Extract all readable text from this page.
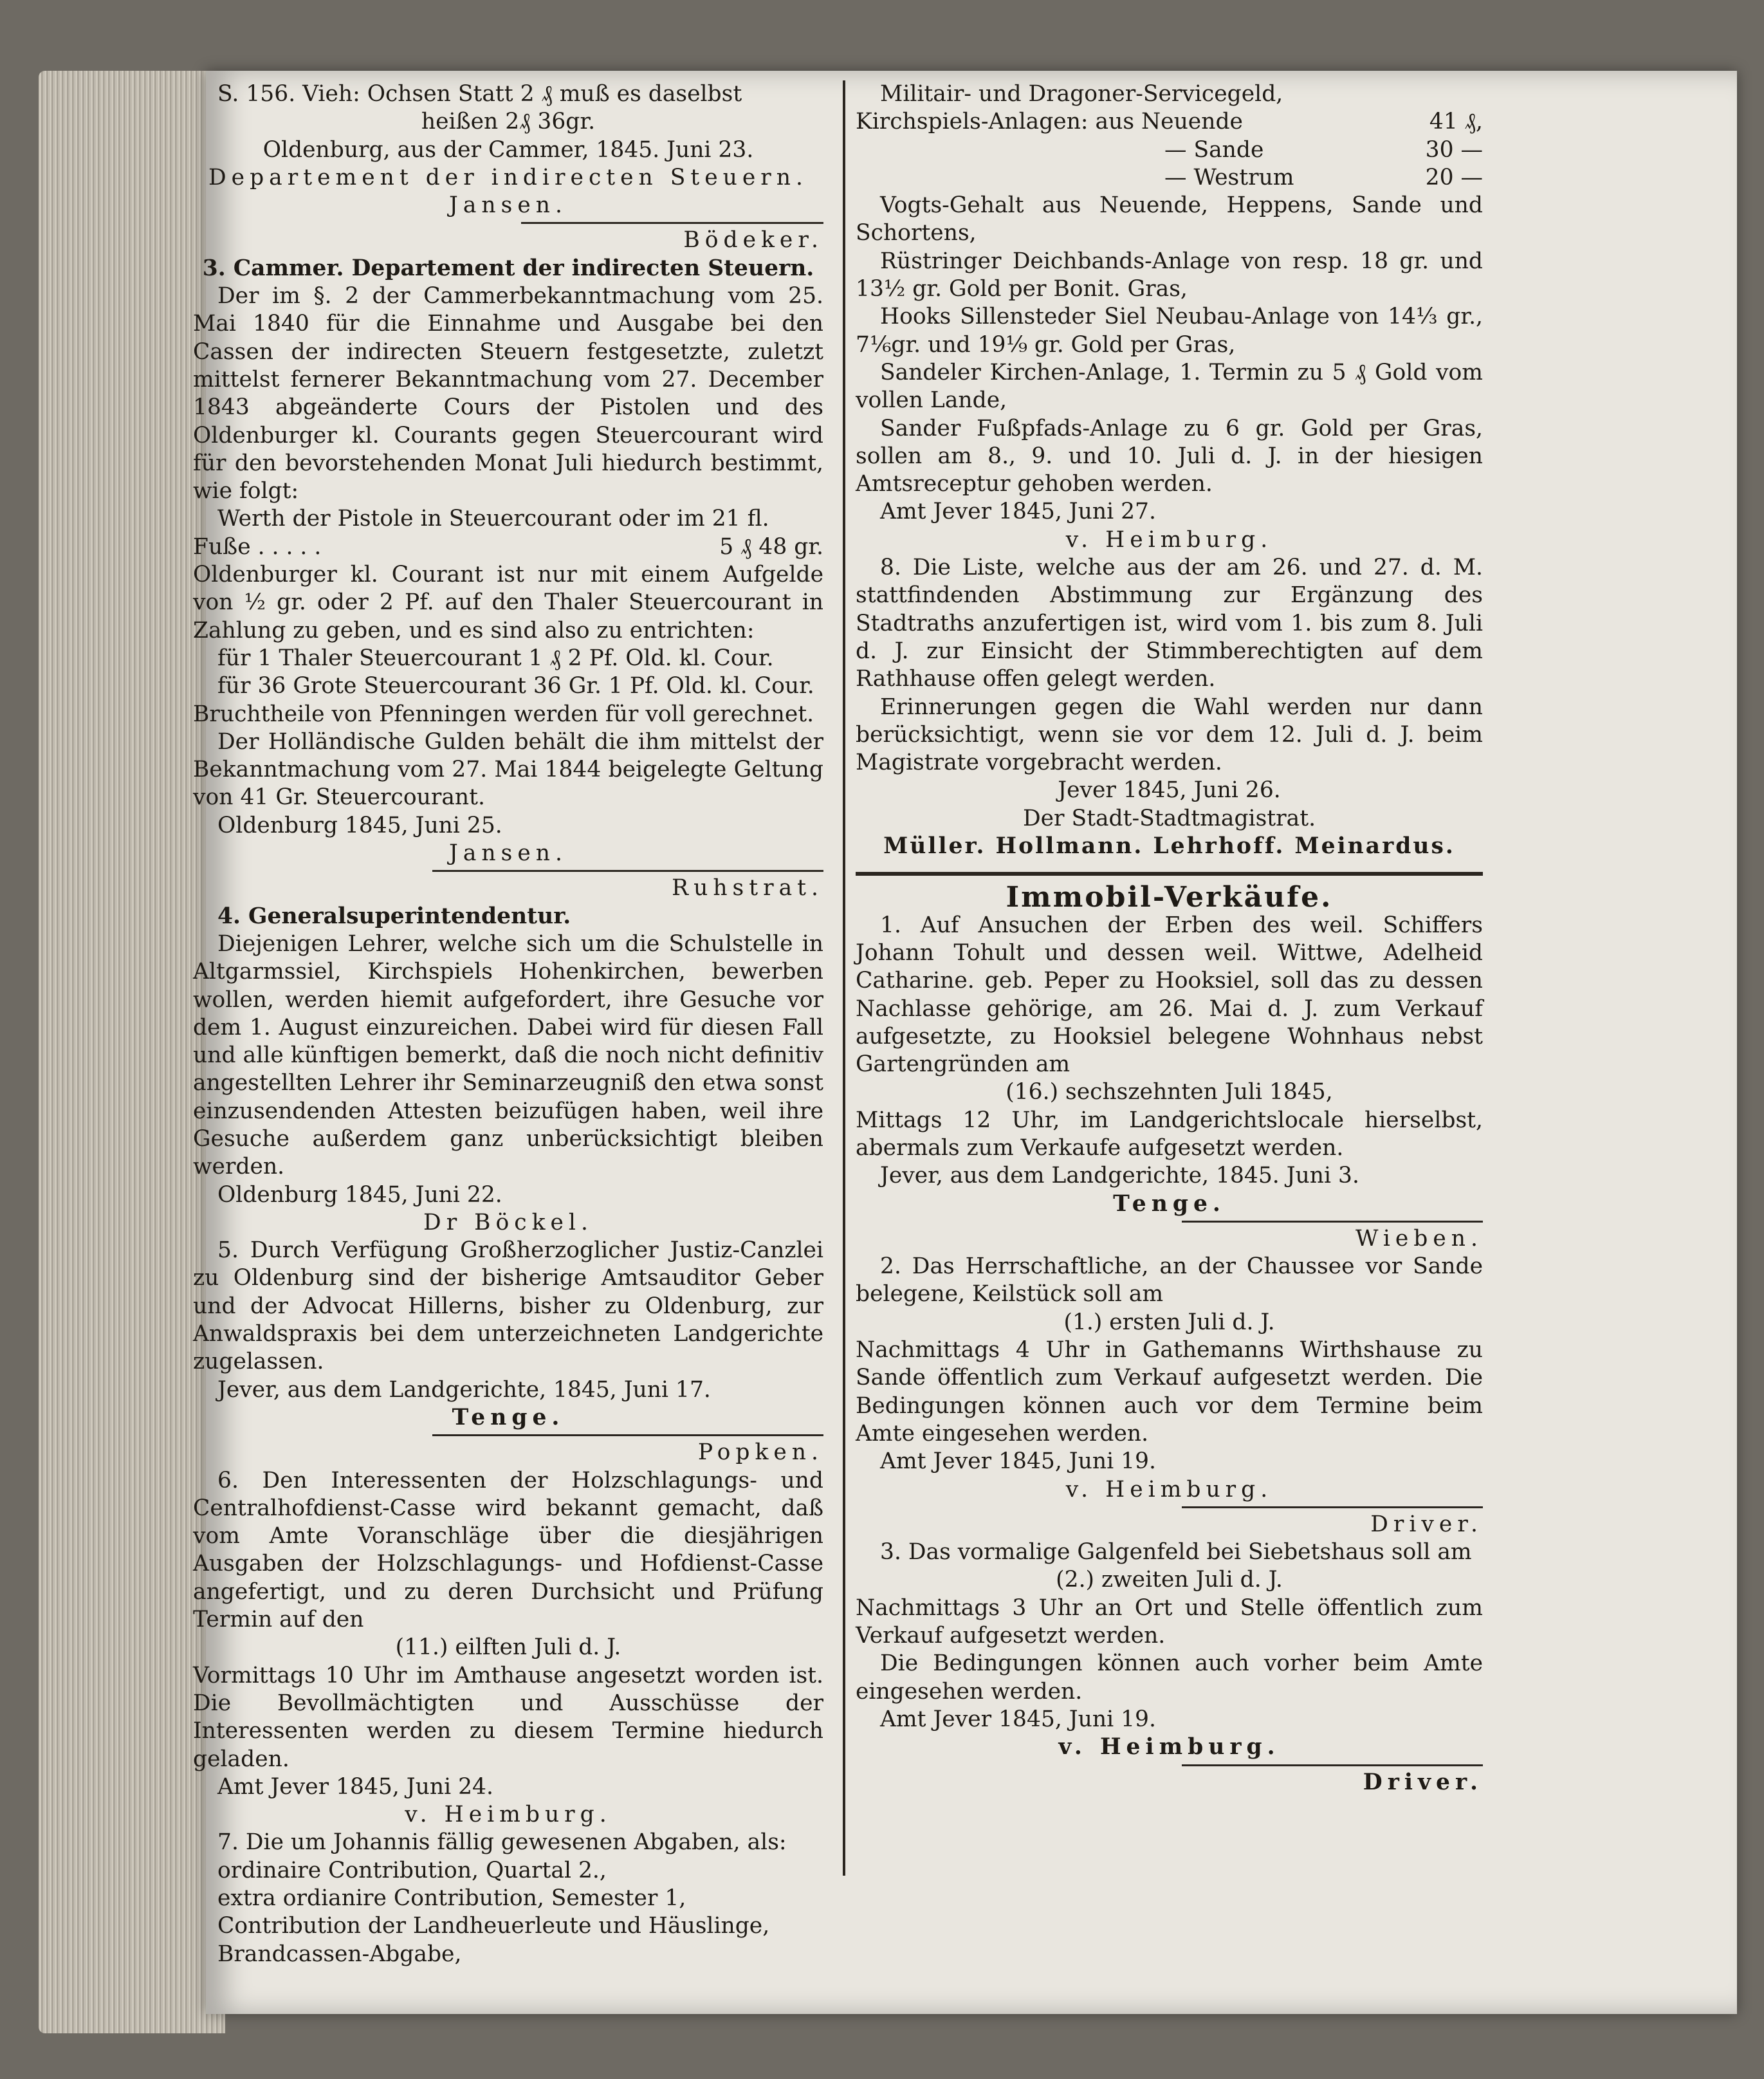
S. 156. Vieh: Ochsen Statt 2 ₰ muß es daselbst

heißen 2₰ 36gr.

Oldenburg, aus der Cammer, 1845. Juni 23.

Departement der indirecten Steuern.

Jansen.

Bödeker.

3. Cammer. Departement der indirecten Steuern.

Der im §. 2 der Cammerbekanntmachung vom 25. Mai 1840 für die Einnahme und Ausgabe bei den Cassen der indirecten Steuern festgesetzte, zuletzt mittelst fernerer Bekanntmachung vom 27. December 1843 abgeänderte Cours der Pistolen und des Oldenburger kl. Courants gegen Steuercourant wird für den bevorstehenden Monat Juli hiedurch bestimmt, wie folgt:

Werth der Pistole in Steuercourant oder im 21 fl.

Fuße . . . . .	5 ₰ 48 gr.

Oldenburger kl. Courant ist nur mit einem Aufgelde von ½ gr. oder 2 Pf. auf den Thaler Steuercourant in Zahlung zu geben, und es sind also zu entrichten:

für 1 Thaler Steuercourant 1 ₰ 2 Pf. Old. kl. Cour.

für 36 Grote Steuercourant 36 Gr. 1 Pf. Old. kl. Cour.

Bruchtheile von Pfenningen werden für voll gerechnet.

Der Holländische Gulden behält die ihm mittelst der Bekanntmachung vom 27. Mai 1844 beigelegte Geltung von 41 Gr. Steuercourant.

Oldenburg 1845, Juni 25.

Jansen.

Ruhstrat.

4. Generalsuperintendentur.

Diejenigen Lehrer, welche sich um die Schulstelle in Altgarmssiel, Kirchspiels Hohenkirchen, bewerben wollen, werden hiemit aufgefordert, ihre Gesuche vor dem 1. August einzureichen. Dabei wird für diesen Fall und alle künftigen bemerkt, daß die noch nicht definitiv angestellten Lehrer ihr Seminarzeugniß den etwa sonst einzusendenden Attesten beizufügen haben, weil ihre Gesuche außerdem ganz unberücksichtigt bleiben werden.

Oldenburg 1845, Juni 22.

Dr Böckel.

5. Durch Verfügung Großherzoglicher Justiz-Canzlei zu Oldenburg sind der bisherige Amtsauditor Geber und der Advocat Hillerns, bisher zu Oldenburg, zur Anwaldspraxis bei dem unterzeichneten Landgerichte zugelassen.

Jever, aus dem Landgerichte, 1845, Juni 17.

Tenge.

Popken.

6. Den Interessenten der Holzschlagungs- und Centralhofdienst-Casse wird bekannt gemacht, daß vom Amte Voranschläge über die diesjährigen Ausgaben der Holzschlagungs- und Hofdienst-Casse angefertigt, und zu deren Durchsicht und Prüfung Termin auf den

(11.) eilften Juli d. J.

Vormittags 10 Uhr im Amthause angesetzt worden ist. Die Bevollmächtigten und Ausschüsse der Interessenten werden zu diesem Termine hiedurch geladen.

Amt Jever 1845, Juni 24.

v. Heimburg.

7. Die um Johannis fällig gewesenen Abgaben, als:

ordinaire Contribution, Quartal 2.,

extra ordianire Contribution, Semester 1,

Contribution der Landheuerleute und Häuslinge,

Brandcassen-Abgabe,

Militair- und Dragoner-Servicegeld,

Kirchspiels-Anlagen: aus Neuende	41 ₰,
— Sande	30 —
— Westrum	20 —

Vogts-Gehalt aus Neuende, Heppens, Sande und Schortens,

Rüstringer Deichbands-Anlage von resp. 18 gr. und 13½ gr. Gold per Bonit. Gras,

Hooks Sillensteder Siel Neubau-Anlage von 14⅓ gr., 7⅙gr. und 19⅑ gr. Gold per Gras,

Sandeler Kirchen-Anlage, 1. Termin zu 5 ₰ Gold vom vollen Lande,

Sander Fußpfads-Anlage zu 6 gr. Gold per Gras, sollen am 8., 9. und 10. Juli d. J. in der hiesigen Amtsreceptur gehoben werden.

Amt Jever 1845, Juni 27.

v. Heimburg.

8. Die Liste, welche aus der am 26. und 27. d. M. stattfindenden Abstimmung zur Ergänzung des Stadtraths anzufertigen ist, wird vom 1. bis zum 8. Juli d. J. zur Einsicht der Stimmberechtigten auf dem Rathhause offen gelegt werden.

Erinnerungen gegen die Wahl werden nur dann berücksichtigt, wenn sie vor dem 12. Juli d. J. beim Magistrate vorgebracht werden.

Jever 1845, Juni 26.

Der Stadt-Stadtmagistrat.

Müller. Hollmann. Lehrhoff. Meinardus.

Immobil-Verkäufe.

1. Auf Ansuchen der Erben des weil. Schiffers Johann Tohult und dessen weil. Wittwe, Adelheid Catharine. geb. Peper zu Hooksiel, soll das zu dessen Nachlasse gehörige, am 26. Mai d. J. zum Verkauf aufgesetzte, zu Hooksiel belegene Wohnhaus nebst Gartengründen am

(16.) sechszehnten Juli 1845,

Mittags 12 Uhr, im Landgerichtslocale hierselbst, abermals zum Verkaufe aufgesetzt werden.

Jever, aus dem Landgerichte, 1845. Juni 3.

Tenge.

Wieben.

2. Das Herrschaftliche, an der Chaussee vor Sande belegene, Keilstück soll am

(1.) ersten Juli d. J.

Nachmittags 4 Uhr in Gathemanns Wirthshause zu Sande öffentlich zum Verkauf aufgesetzt werden. Die Bedingungen können auch vor dem Termine beim Amte eingesehen werden.

Amt Jever 1845, Juni 19.

v. Heimburg.

Driver.

3. Das vormalige Galgenfeld bei Siebetshaus soll am

(2.) zweiten Juli d. J.

Nachmittags 3 Uhr an Ort und Stelle öffentlich zum Verkauf aufgesetzt werden.

Die Bedingungen können auch vorher beim Amte eingesehen werden.

Amt Jever 1845, Juni 19.

v. Heimburg.

Driver.
